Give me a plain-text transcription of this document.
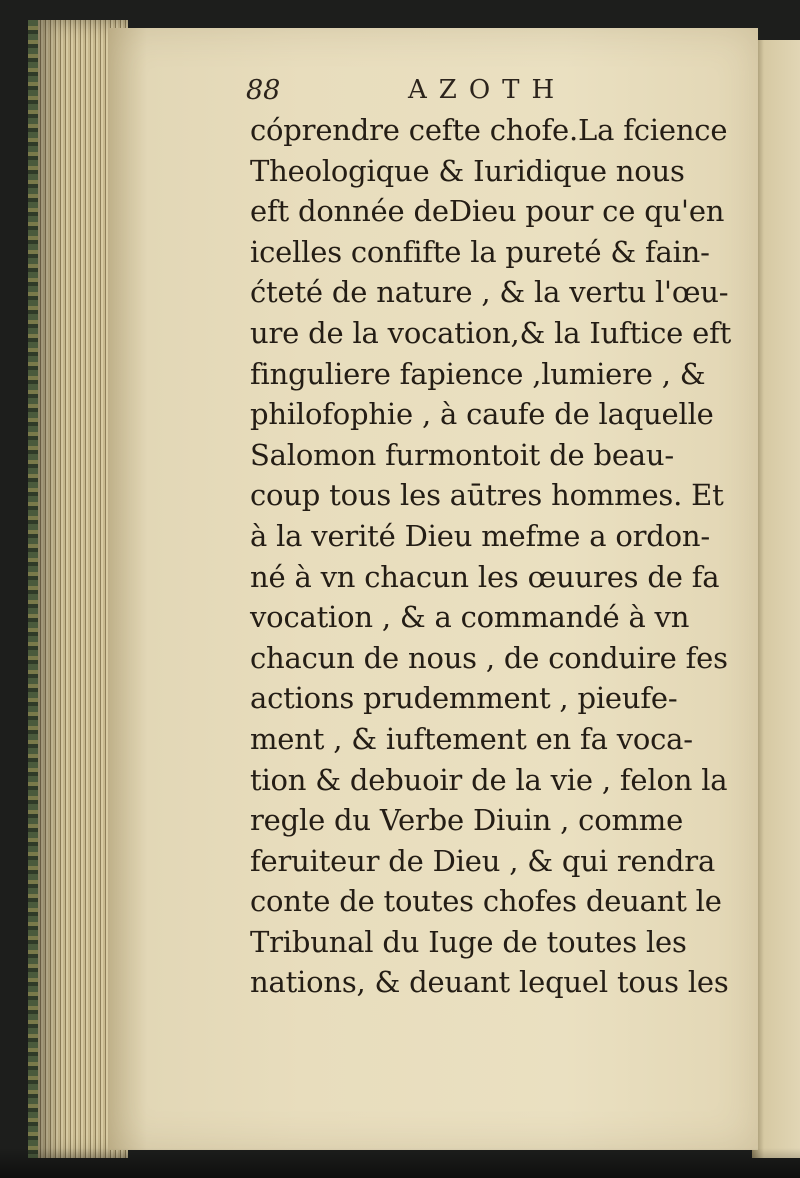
88	AZOTH
cóprendre cefte chofe.La fcience
Theologique & Iuridique nous
eft donnée deDieu pour ce qu'en
icelles confifte la pureté & fain-
ćteté de nature , & la vertu l'œu-
ure de la vocation,& la Iuftice eft
finguliere fapience ,lumiere , &
philofophie , à caufe de laquelle
Salomon furmontoit de beau-
coup tous les aūtres hommes. Et
à la verité Dieu mefme a ordon-
né à vn chacun les œuures de fa
vocation , & a commandé à vn
chacun de nous , de conduire fes
actions prudemment , pieufe-
ment , & iuftement en fa voca-
tion & debuoir de la vie , felon la
regle du Verbe Diuin , comme
feruiteur de Dieu , & qui rendra
conte de toutes chofes deuant le
Tribunal du Iuge de toutes les
nations, & deuant lequel tous les
